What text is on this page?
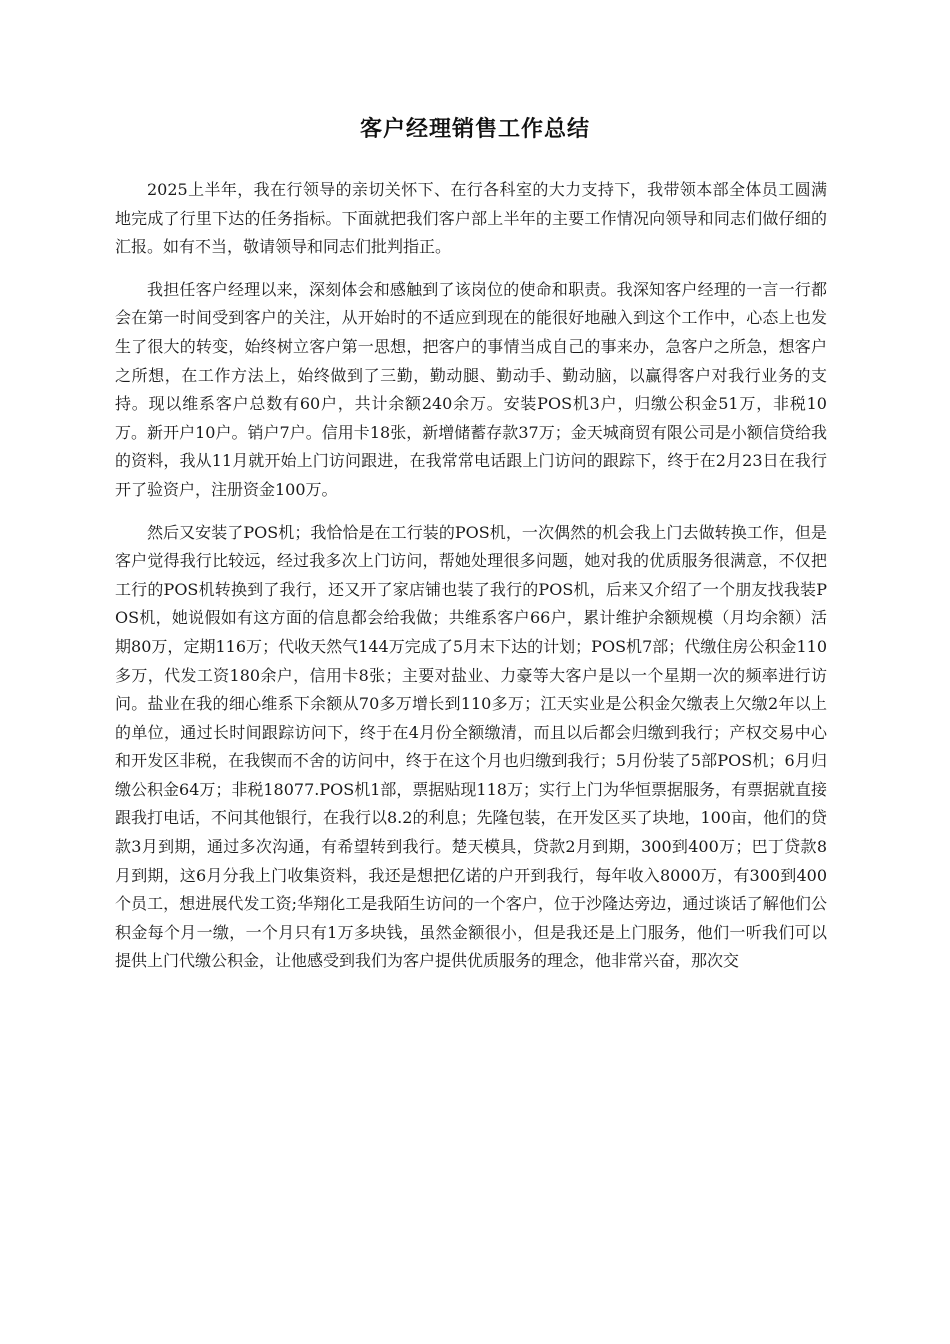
客户经理销售工作总结

2025上半年，我在行领导的亲切关怀下、在行各科室的大力支持下，我带领本部全体员工圆满地完成了行里下达的任务指标。下面就把我们客户部上半年的主要工作情况向领导和同志们做仔细的汇报。如有不当，敬请领导和同志们批判指正。

我担任客户经理以来，深刻体会和感触到了该岗位的使命和职责。我深知客户经理的一言一行都会在第一时间受到客户的关注，从开始时的不适应到现在的能很好地融入到这个工作中，心态上也发生了很大的转变，始终树立客户第一思想，把客户的事情当成自己的事来办，急客户之所急，想客户之所想，在工作方法上，始终做到了三勤，勤动腿、勤动手、勤动脑，以赢得客户对我行业务的支持。现以维系客户总数有60户，共计余额240余万。安装POS机3户，归缴公积金51万，非税10万。新开户10户。销户7户。信用卡18张，新增储蓄存款37万；金天城商贸有限公司是小额信贷给我的资料，我从11月就开始上门访问跟进，在我常常电话跟上门访问的跟踪下，终于在2月23日在我行开了验资户，注册资金100万。

然后又安装了POS机；我恰恰是在工行装的POS机，一次偶然的机会我上门去做转换工作，但是客户觉得我行比较远，经过我多次上门访问，帮她处理很多问题，她对我的优质服务很满意，不仅把工行的POS机转换到了我行，还又开了家店铺也装了我行的POS机，后来又介绍了一个朋友找我装POS机，她说假如有这方面的信息都会给我做；共维系客户66户，累计维护余额规模（月均余额）活期80万，定期116万；代收天然气144万完成了5月末下达的计划；POS机7部；代缴住房公积金110多万，代发工资180余户，信用卡8张；主要对盐业、力豪等大客户是以一个星期一次的频率进行访问。盐业在我的细心维系下余额从70多万增长到110多万；江天实业是公积金欠缴表上欠缴2年以上的单位，通过长时间跟踪访问下，终于在4月份全额缴清，而且以后都会归缴到我行；产权交易中心和开发区非税，在我锲而不舍的访问中，终于在这个月也归缴到我行；5月份装了5部POS机；6月归缴公积金64万；非税18077.POS机1部，票据贴现118万；实行上门为华恒票据服务，有票据就直接跟我打电话，不问其他银行，在我行以8.2的利息；先隆包装，在开发区买了块地，100亩，他们的贷款3月到期，通过多次沟通，有希望转到我行。楚天模具，贷款2月到期，300到400万；巴丁贷款8月到期，这6月分我上门收集资料，我还是想把亿诺的户开到我行，每年收入8000万，有300到400个员工，想进展代发工资;华翔化工是我陌生访问的一个客户，位于沙隆达旁边，通过谈话了解他们公积金每个月一缴，一个月只有1万多块钱，虽然金额很小，但是我还是上门服务，他们一听我们可以提供上门代缴公积金，让他感受到我们为客户提供优质服务的理念，他非常兴奋，那次交
